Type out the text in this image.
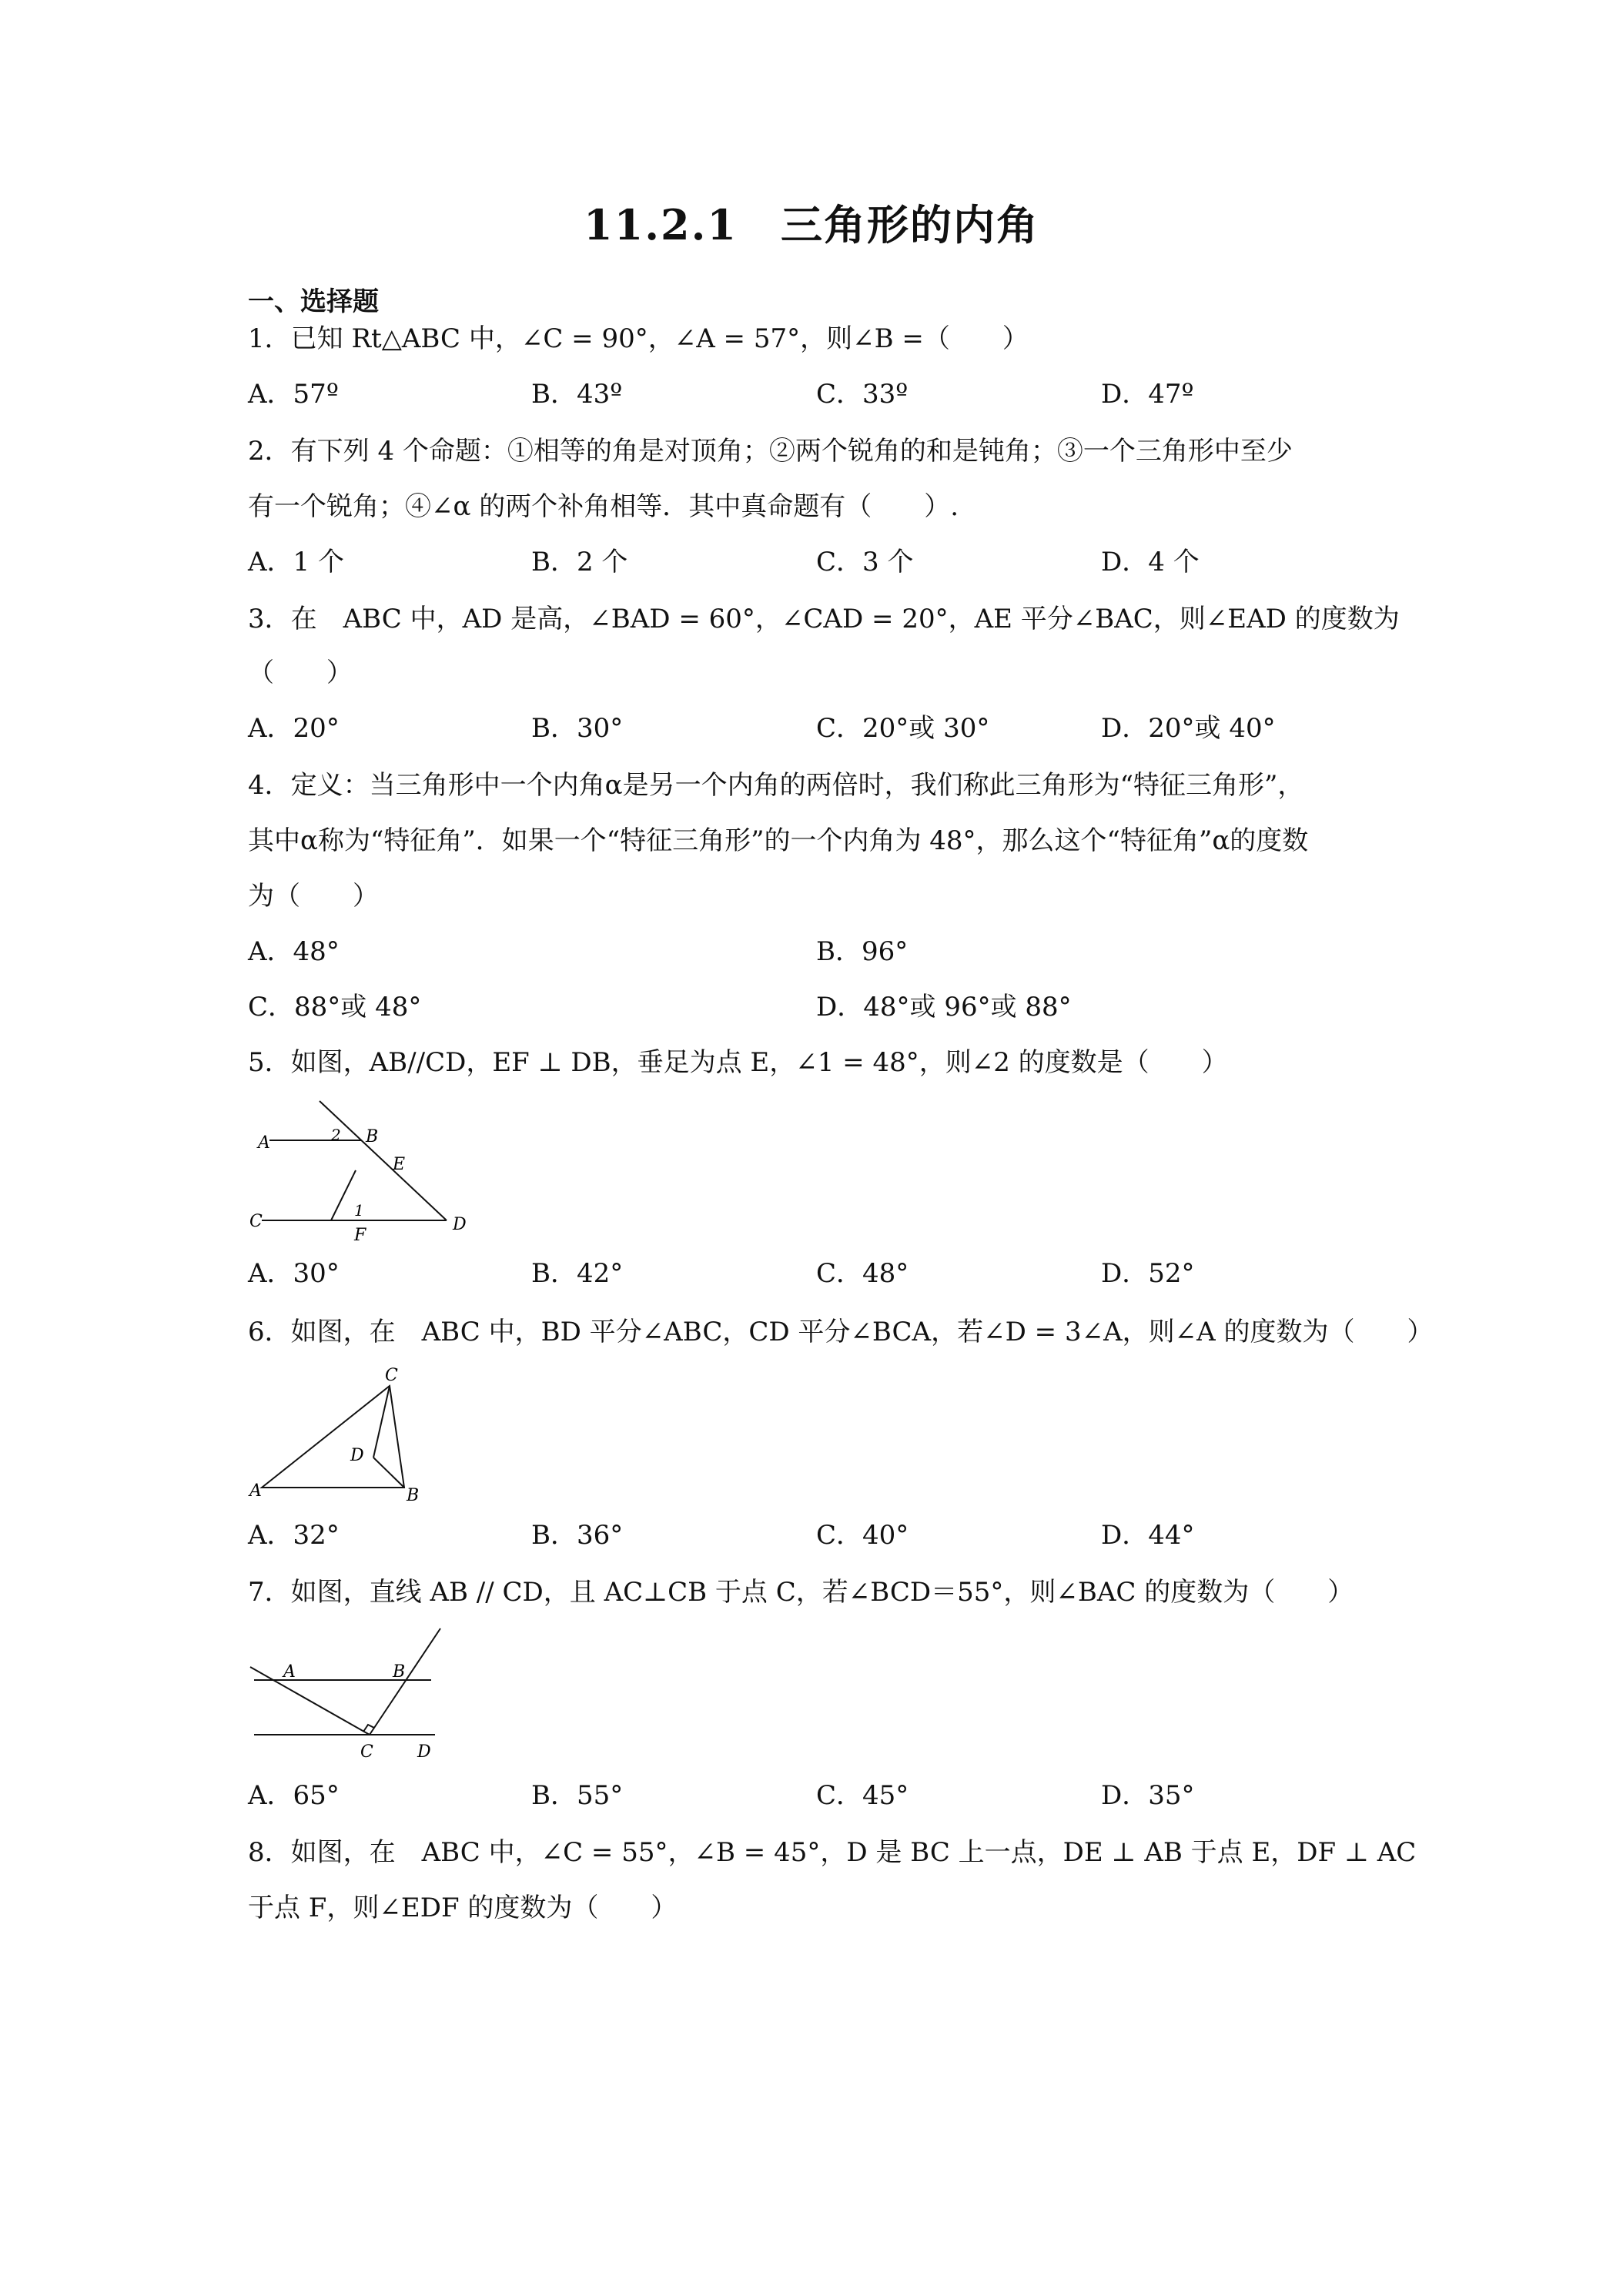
11.2.1　三角形的内角
一、选择题
1．已知 Rt△ABC 中，∠C = 90°，∠A = 57°，则∠B =（　　）
A．57º	B．43º	C．33º	D．47º
2．有下列 4 个命题：①相等的角是对顶角；②两个锐角的和是钝角；③一个三角形中至少
有一个锐角；④∠α 的两个补角相等．其中真命题有（　　）.
A．1 个	B．2 个	C．3 个	D．4 个
3．在　ABC 中，AD 是高，∠BAD = 60°，∠CAD = 20°，AE 平分∠BAC，则∠EAD 的度数为
（　　）
A．20°	B．30°	C．20°或 30°	D．20°或 40°
4．定义：当三角形中一个内角α是另一个内角的两倍时，我们称此三角形为“特征三角形”，
其中α称为“特征角”．如果一个“特征三角形”的一个内角为 48°，那么这个“特征角”α的度数
为（　　）
A．48°	B．96°
C．88°或 48°	D．48°或 96°或 88°
5．如图，AB//CD，EF ⊥ DB，垂足为点 E，∠1 = 48°，则∠2 的度数是（　　）
A	B
2
E
C	D
1
F
A．30°	B．42°	C．48°	D．52°
6．如图，在　ABC 中，BD 平分∠ABC，CD 平分∠BCA，若∠D = 3∠A，则∠A 的度数为（　　）
C
D
A	B
A．32°	B．36°	C．40°	D．44°
7．如图，直线 AB // CD，且 AC⊥CB 于点 C，若∠BCD＝55°，则∠BAC 的度数为（　　）
A	B
C	D
A．65°	B．55°	C．45°	D．35°
8．如图，在　ABC 中，∠C = 55°，∠B = 45°，D 是 BC 上一点，DE ⊥ AB 于点 E，DF ⊥ AC
于点 F，则∠EDF 的度数为（　　）
